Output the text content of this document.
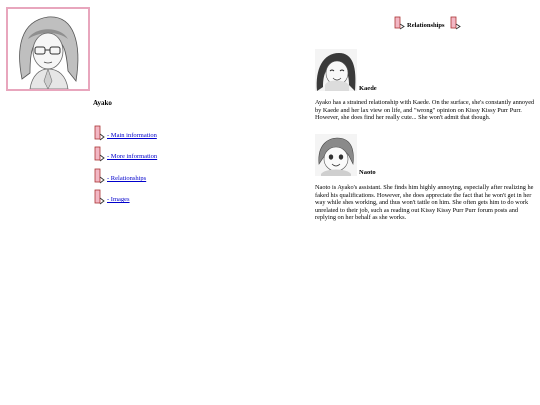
Ayako
- Main information
- More information
- Relationships
- Images
Relationships
Kaede
Ayako has a strained relationship with Kaede. On the surface, she's constantly annoyed by Kaede and her lax view on life, and "wrong" opinion on Kissy Kissy Purr Purr. However, she does find her really cute... She won't admit that though.
Naoto
Naoto is Ayako's assistant. She finds him highly annoying, especially after realizing he faked his qualifications. However, she does appreciate the fact that he won't get in her way while shes working, and thus won't tattle on him. She often gets him to do work unrelated to their job, such as reading out Kissy Kissy Purr Purr forum posts and replying on her behalf as she works.
